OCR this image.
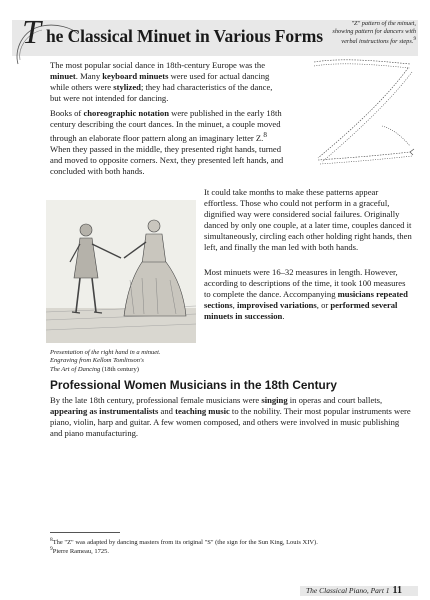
T he Classical Minuet in Various Forms
"Z" pattern of the minuet,
showing pattern for dancers with
verbal instructions for steps.$^9$
The most popular social dance in 18th-century Europe was the minuet. Many keyboard minuets were used for actual dancing while others were stylized; they had characteristics of the dance, but were not intended for dancing.
Books of choreographic notation were published in the early 18th century describing the court dances. In the minuet, a couple moved through an elaborate floor pattern along an imaginary letter Z.$^8$ When they passed in the middle, they presented right hands, turned and moved to opposite corners. Next, they presented left hands, and concluded with both hands.
It could take months to make these patterns appear effortless. Those who could not perform in a graceful, dignified way were considered social failures. Originally danced by only one couple, at a later time, couples danced it simultaneously, circling each other holding right hands, then left, and finally the man led with both hands.
Most minuets were 16–32 measures in length. However, according to descriptions of the time, it took 100 measures to complete the dance. Accompanying musicians repeated sections, improvised variations, or performed several minuets in succession.
Presentation of the right hand in a minuet.
Engraving from Kellom Tomlinson's
The Art of Dancing (18th century)
Professional Women Musicians in the 18th Century
By the late 18th century, professional female musicians were singing in operas and court ballets, appearing as instrumentalists and teaching music to the nobility. Their most popular instruments were piano, violin, harp and guitar. A few women composed, and others were involved in music publishing and piano manufacturing.
$^8$The "Z" was adapted by dancing masters from its original "S" (the sign for the Sun King, Louis XIV).
$^9$Pierre Rameau, 1725.
The Classical Piano, Part 1 11
